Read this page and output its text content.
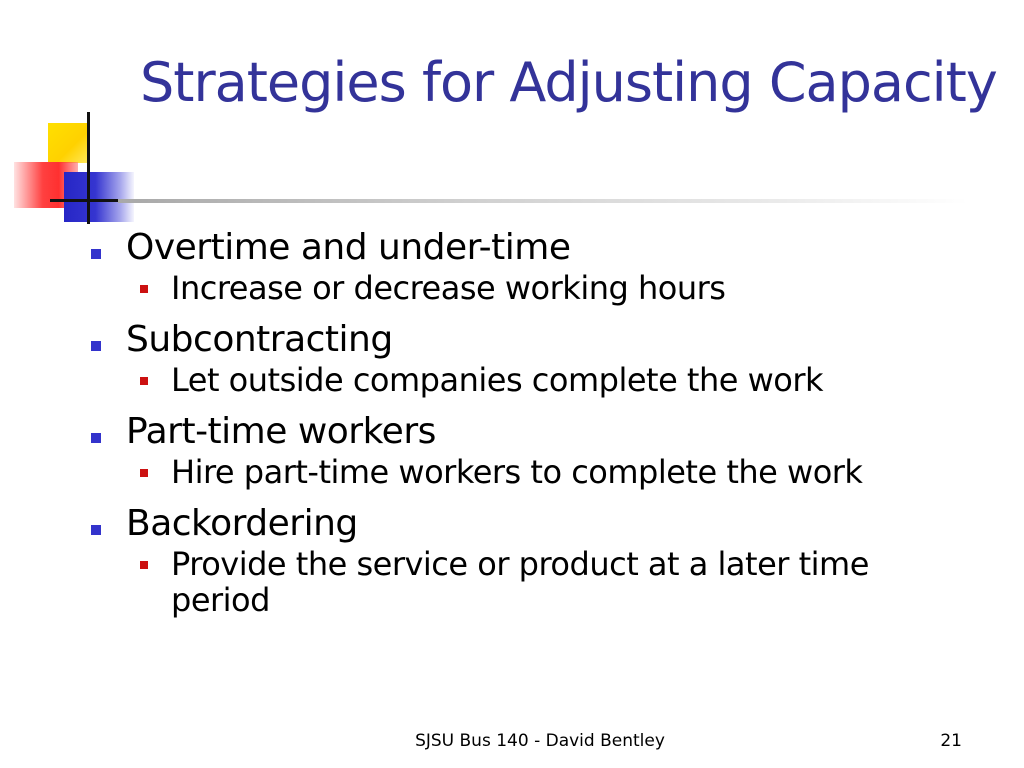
Strategies for Adjusting Capacity
Overtime and under-time
Increase or decrease working hours
Subcontracting
Let outside companies complete the work
Part-time workers
Hire part-time workers to complete the work
Backordering
Provide the service or product at a later time period
SJSU Bus 140 - David Bentley	21
